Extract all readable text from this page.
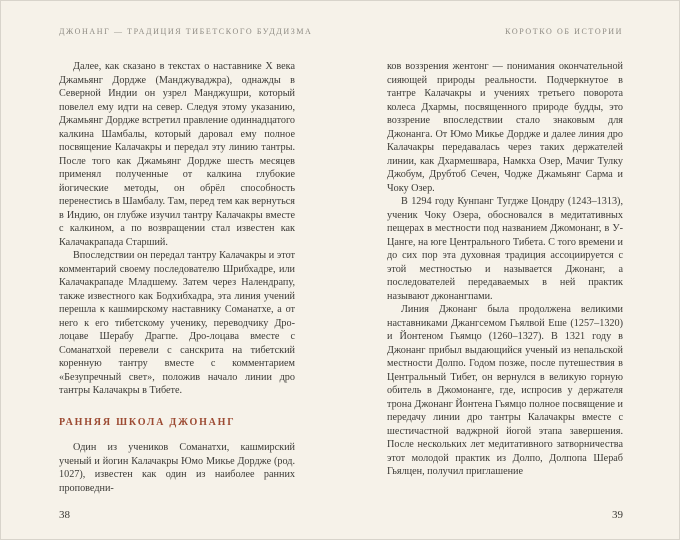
ДЖОНАНГ — ТРАДИЦИЯ ТИБЕТСКОГО БУДДИЗМА

Далее, как сказано в текстах о наставнике X века Джамьянг Дордже (Манджуваджра), однажды в Северной Индии он узрел Манджушри, который повелел ему идти на север. Следуя этому указанию, Джамьянг Дордже встретил правление одиннадцатого калкина Шамбалы, который даровал ему полное посвящение Калачакры и передал эту линию тантры. После того как Джамьянг Дордже шесть месяцев применял полученные от калкина глубокие йогические методы, он обрёл способность перенестись в Шамбалу. Там, перед тем как вернуться в Индию, он глубже изучил тантру Калачакры вместе с калкином, а по возвращении стал известен как Калачакрапада Старший.

Впоследствии он передал тантру Калачакры и этот комментарий своему последователю Шрибхадре, или Калачакрападе Младшему. Затем через Налендрапу, также известного как Бодхибхадра, эта линия учений перешла к кашмирскому наставнику Соманатхе, а от него к его тибетскому ученику, переводчику Дро-лоцаве Шерабу Драгпе. Дро-лоцава вместе с Соманатхой перевели с санскрита на тибетский коренную тантру вместе с комментарием «Безупречный свет», положив начало линии дро тантры Калачакры в Тибете.

РАННЯЯ ШКОЛА ДЖОНАНГ

Один из учеников Соманатхи, кашмирский ученый и йогин Калачакры Юмо Микье Дордже (род. 1027), известен как один из наиболее ранних проповедни-

38
КОРОТКО ОБ ИСТОРИИ

ков воззрения жентонг — понимания окончательной сияющей природы реальности. Подчеркнутое в тантре Калачакры и учениях третьего поворота колеса Дхармы, посвященного природе будды, это воззрение впоследствии стало знаковым для Джонанга. От Юмо Микье Дордже и далее линия дро Калачакры передавалась через таких держателей линии, как Дхармешвара, Намкха Озер, Мачиг Тулку Джобум, Друбтоб Сечен, Чодже Джамьянг Сарма и Чоку Озер.

В 1294 году Кунпанг Тугдже Цондру (1243–1313), ученик Чоку Озера, обосновался в медитативных пещерах в местности под названием Джомонанг, в У-Цанге, на юге Центрального Тибета. С того времени и до сих пор эта духовная традиция ассоциируется с этой местностью и называется Джонанг, а последователей передаваемых в ней практик называют джонангпами.

Линия Джонанг была продолжена великими наставниками Джангсемом Гьялвой Еше (1257–1320) и Йонтеном Гьямцо (1260–1327). В 1321 году в Джонанг прибыл выдающийся ученый из непальской местности Долпо. Годом позже, после путешествия в Центральный Тибет, он вернулся в великую горную обитель в Джомонанге, где, испросив у держателя трона Джонанг Йонтена Гьямцо полное посвящение и передачу линии дро тантры Калачакры вместе с шестичастной ваджрной йогой этапа завершения. После нескольких лет медитативного затворничества этот молодой практик из Долпо, Долпопа Шераб Гьялцен, получил приглашение

39
